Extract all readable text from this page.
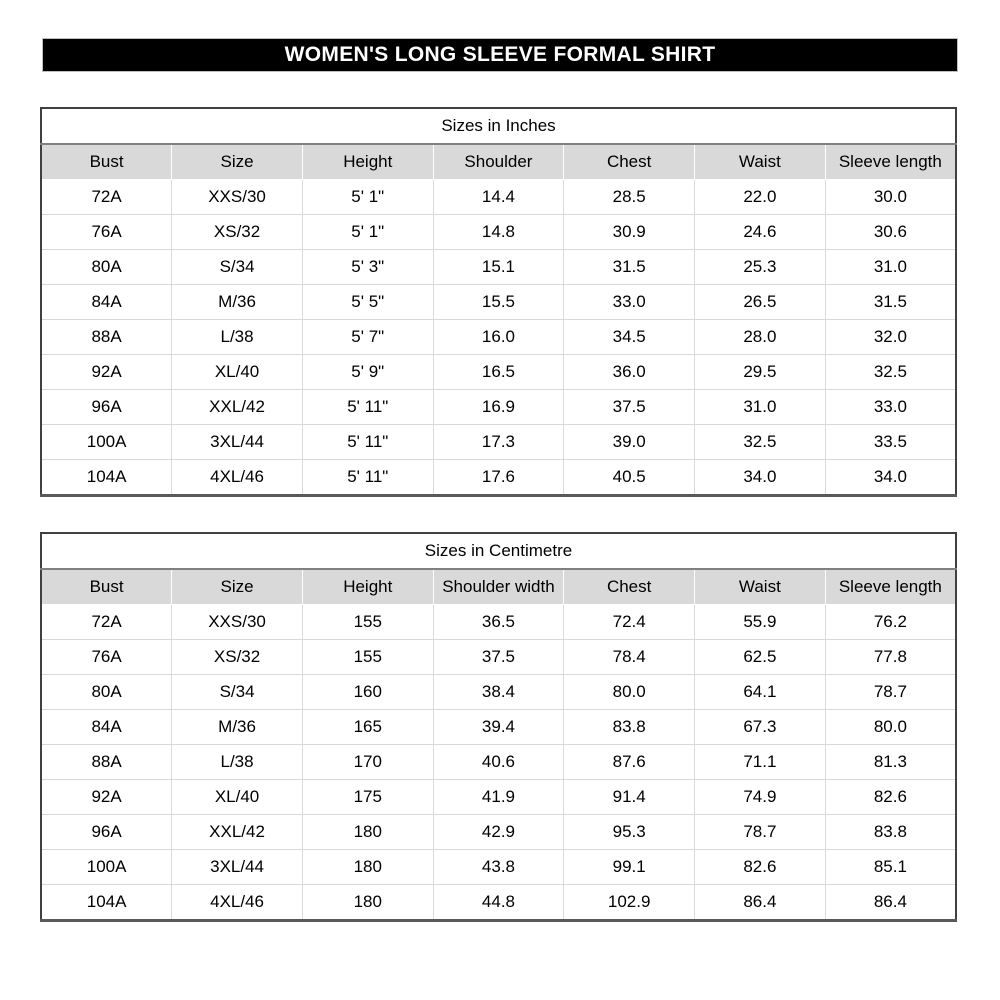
WOMEN'S LONG SLEEVE FORMAL SHIRT
Sizes in Inches						
Bust	Size	Height	Shoulder	Chest	Waist	Sleeve length
72A	XXS/30	5' 1"	14.4	28.5	22.0	30.0
76A	XS/32	5' 1"	14.8	30.9	24.6	30.6
80A	S/34	5' 3"	15.1	31.5	25.3	31.0
84A	M/36	5' 5"	15.5	33.0	26.5	31.5
88A	L/38	5' 7"	16.0	34.5	28.0	32.0
92A	XL/40	5' 9"	16.5	36.0	29.5	32.5
96A	XXL/42	5' 11"	16.9	37.5	31.0	33.0
100A	3XL/44	5' 11"	17.3	39.0	32.5	33.5
104A	4XL/46	5' 11"	17.6	40.5	34.0	34.0
Sizes in Centimetre						
Bust	Size	Height	Shoulder width	Chest	Waist	Sleeve length
72A	XXS/30	155	36.5	72.4	55.9	76.2
76A	XS/32	155	37.5	78.4	62.5	77.8
80A	S/34	160	38.4	80.0	64.1	78.7
84A	M/36	165	39.4	83.8	67.3	80.0
88A	L/38	170	40.6	87.6	71.1	81.3
92A	XL/40	175	41.9	91.4	74.9	82.6
96A	XXL/42	180	42.9	95.3	78.7	83.8
100A	3XL/44	180	43.8	99.1	82.6	85.1
104A	4XL/46	180	44.8	102.9	86.4	86.4
